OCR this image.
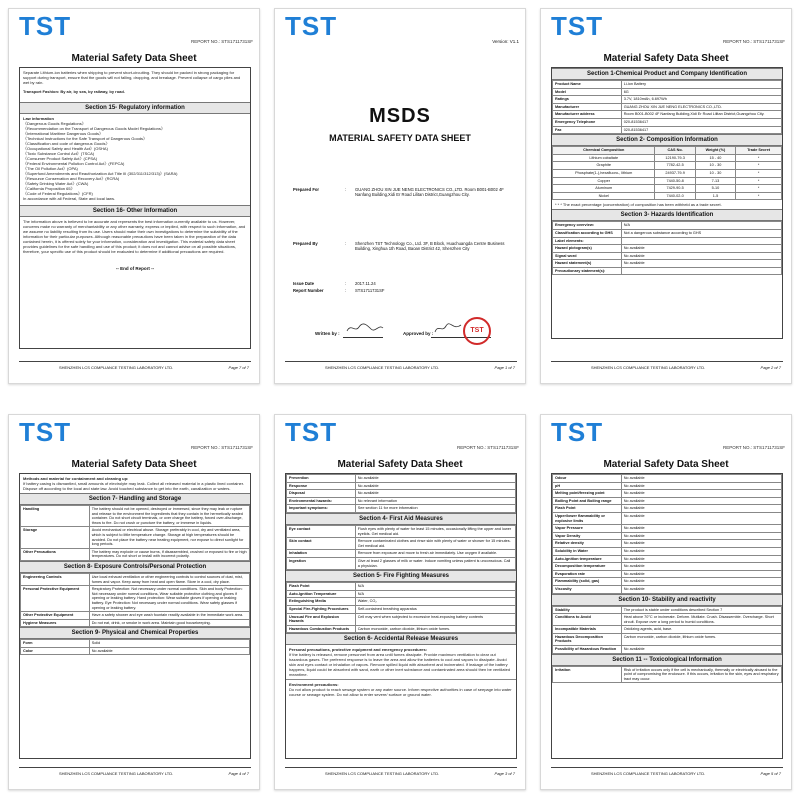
TST
REPORT NO.: STS1711731SF
Material Safety Data Sheet
Separate Lithium-ion batteries when shipping to prevent short-circuiting. They should be packed in strong packaging for support during transport, ensure that the goods will not falling, dropping, and breakage. Prevent collapse of cargo piles and wet by rain.
Transport Fashion: By air, by sea, by railway, by road.
Section 15- Regulatory information
Law information
《Dangerous Goods Regulations》
《Recommendation on the Transport of Dangerous Goods Model Regulations》
《International Maritime Dangerous Goods》
《Technical Instructions for the Safe Transport of Dangerous Goods》
《Classification and code of dangerous Goods》
《Occupational Safety and Health Act》(OSHA)
《Toxic Substance Control Act》(TSCA)
《Consumer Product Safety Act》(CPSA)
《Federal Environmental Pollution Control Act》(FEPCA)
《The Oil Pollution Act》(OPA)
《Superfund Amendments and Reauthorization Act Title III (302/311/312/313)》(SARA)
《Resource Conservation and Recovery Act》(RCRA)
《Safety Drinking Water Act》(CWA)
《California Proposition 65》
《Code of Federal Regulations》(CFR)
In accordance with all Federal, State and local laws.
Section 16- Other Information
The information above is believed to be accurate and represents the best information currently available to us. However, concerns make no warranty of merchantability or any other warranty, express or implied, with respect to such information, and we assume no liability resulting from its use. Users should make their own investigations to determine the suitability of the information for their particular purposes. Although reasonable precautions have been taken in the preparation of the data contained herein, it is offered solely for your information, consideration and investigation. This material safety data sheet provides guidelines for the safe handling and use of this product; it does not and cannot advise on all possible situations, therefore, your specific use of this product should be evaluated to determine if additional precautions are required.
-- End of Report --
SHENZHEN LCS COMPLIANCE TESTING LABORATORY LTD.	Page 7 of 7
TST
Version: V1.1
MSDS
MATERIAL SAFETY DATA SHEET
Prepared For	: GUANG ZHOU XIN JUE NENG ELECTRONICS CO.,LTD. Room B001-B002 4F Nanfang Building,Xidi Er Road Lilitan District,Guangzhou City.
Prepared By	: Shenzhen TST Technology Co., Ltd. 3F, B Block, Huachuangda Centre Business Building, Xinghua 1th Road, Baoan District 42, Shenzhen City
Issue Date	: 2017.11.24
Report Number	: STS1711731SF
Written by :	Approved by :	TST
SHENZHEN LCS COMPLIANCE TESTING LABORATORY LTD.	Page 1 of 7
TST
REPORT NO.: STS1711731SF
Material Safety Data Sheet
Section 1-Chemical Product and Company Identification
Product Name	Li-ion Battery
Model	6G
Ratings	3.7V, 1810mAh, 6.697Wh
Manufacturer	GUANG ZHOU XIN JUE NENG ELECTRONICS CO.,LTD.
Manufacturer address	Room B001-B002 4F Nanfang Building,Xidi Er Road Lilitan District,Guangzhou City.
Emergency Telephone	020-81536417
Fax	020-81536417
Section 2- Composition Information
Chemical Composition	CAS No.	Weight (%)	Trade Secret
Lithium cobaltate	12190-79-3	15 - 40	*
Graphite	7782-42-5	10 - 30	*
Phosphate(1-),hexafluoro-, lithium	24937-79-9	10 - 30	*
Copper	7440-50-8	7-13	*
Aluminum	7429-90-5	5-10	*
Nickel	7440-02-0	1-5	*
* * * The exact percentage (concentration) of composition has been withheld as a trade secret.
Section 3- Hazards Identification
Emergency overview:	N/A
Classification according to GHS	Not a dangerous substance according to GHS
Label elements:	
Hazard pictogram(s)	No available
Signal word	No available
Hazard statement(s)	No available
Precautionary statement(s):	
SHENZHEN LCS COMPLIANCE TESTING LABORATORY LTD.	Page 2 of 7
TST
REPORT NO.: STS1711731SF
Material Safety Data Sheet
Methods and material for containment and cleaning up:
If battery casing is dismantled, small amounts of electrolyte may leak. Collect all released material in a plastic lined container. Dispose off according to the local and state law. Avoid touched substance to get into the earth, canalization or waters.
Section 7- Handling and Storage
Handling	The battery should not be opened, destroyed or immersed, since they may leak or rupture and release to the environment the ingredients that they contain in the hermetically sealed container. Do not short circuit terminals, or over charge the battery, forced over-discharge, throw to fire. Do not crush or puncture the battery, or immerse in liquids.
Storage	Avoid mechanical or electrical abuse. Storage preferably in cool, dry and ventilated area, which is subject to little temperature change. Storage at high temperatures should be avoided. Do not place the battery near heating equipment, nor expose to direct sunlight for long periods.
Other Precautions	The battery may explode or cause burns, if disassembled, crushed or exposed to fire or high temperatures. Do not short or install with incorrect polarity.
Section 8- Exposure Controls/Personal Protection
Engineering Controls	Use local exhaust ventilation or other engineering controls to control sources of dust, mist, fumes and vapor. Keep away from heat and open flame. Store in a cool, dry place.
Personal Protective Equipment	Respiratory Protection: Not necessary under normal conditions. Skin and body Protection: Not necessary under normal conditions, Wear suitable protective clothing and gloves if opening or leaking battery. Hand protection: Wear suitable gloves if opening or leaking battery. Eye Protection: Not necessary under normal conditions. Wear safety glasses if opening or leaking battery.
Other Protective Equipment	Have a safety shower and eye wash fountain readily available in the immediate work area.
Hygiene Measures	Do not eat, drink, or smoke in work area. Maintain good housekeeping.
Section 9- Physical and Chemical Properties
Form	Solid
Color	No available
SHENZHEN LCS COMPLIANCE TESTING LABORATORY LTD.	Page 4 of 7
TST
REPORT NO.: STS1711731SF
Material Safety Data Sheet
Prevention	No available
Response	No available
Disposal	No available
Environmental hazards:	No relevant information
Important symptoms:	See section 11 for more information
Section 4- First Aid Measures
Eye contact	Flush eyes with plenty of water for least 15 minutes, occasionally lifting the upper and lower eyelids. Get medical aid.
Skin contact	Remove contaminated clothes and rinse skin with plenty of water or shower for 15 minutes. Get medical aid.
Inhalation	Remove from exposure and move to fresh air immediately. Use oxygen if available.
Ingestion	Give at least 2 glasses of milk or water. Induce vomiting unless patient is unconscious. Call a physician.
Section 5- Fire Fighting Measures
Flash Point	N/A
Auto-Ignition Temperature	N/A
Extinguishing Media	Water, CO₂
Special Fire-Fighting Procedures	Self-contained breathing apparatus
Unusual Fire and Explosion Hazards	Cell may vent when subjected to excessive heat-exposing battery contents
Hazardous Combustion Products	Carbon monoxide, carbon dioxide, lithium oxide fumes.
Section 6- Accidental Release Measures
Personal precautions, protective equipment and emergency procedures:
If the battery is released, remove personnel from area until fumes dissipate. Provide maximum ventilation to clear out hazardous gases. The preferred response is to leave the area and allow the batteries to cool and vapors to dissipate. Avoid skin and eyes contact or inhalation of vapors. Remove spilled liquid with absorbent and incinerated. If leakage of the battery happens, liquid could be absorbed with sand, earth or other inert substance and contaminated area should then be ventilated meantime.
Environment precautions:
Do not allow product to reach sewage system or any water source. Inform respective authorities in case of seepage into water course or sewage system. Do not allow to enter severe/ surface or ground water.
SHENZHEN LCS COMPLIANCE TESTING LABORATORY LTD.	Page 3 of 7
TST
REPORT NO.: STS1711731SF
Material Safety Data Sheet
Odour	No available
pH	No available
Melting point/freezing point	No available
Boiling Point and Boiling range	No available
Flash Point	No available
Upper/lower flammability or explosive limits	No available
Vapor Pressure	No available
Vapor Density	No available
Relative density	No available
Solubility in Water	No available
Auto-ignition temperature	No available
Decomposition temperature	No available
Evaporation rate	No available
Flammability (solid, gas)	No available
Viscosity	No available
Section 10- Stability and reactivity
Stability	The product is stable under conditions described Section 7
Conditions to Avoid	Heat above 70°C or incinerate. Deform. Mutilate. Crush. Disassemble. Overcharge. Short circuit. Expose over a long period to humid conditions.
Incompatible Materials	Oxidizing agents, acid, base.
Hazardous Decomposition Products	Carbon monoxide, carbon dioxide, lithium oxide fumes.
Possibility of Hazardous Reaction	No available
Section 11 -- Toxicological Information
Irritation	Risk of irritation occurs only if the cell is mechanically, thermally or electrically abused to the point of compromising the enclosure. If this occurs, irritation to the skin, eyes and respiratory tract may occur.
SHENZHEN LCS COMPLIANCE TESTING LABORATORY LTD.	Page 5 of 7
